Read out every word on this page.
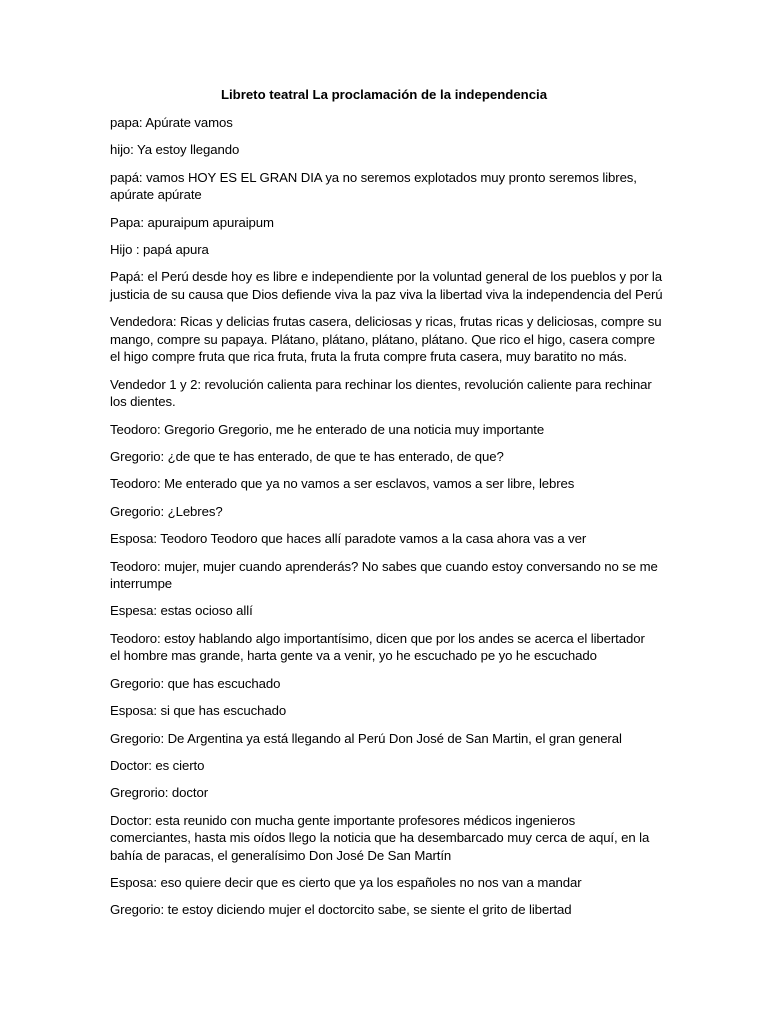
Libreto teatral La proclamación de la independencia
papa: Apúrate vamos
hijo: Ya estoy llegando
papá: vamos HOY ES EL GRAN DIA ya no seremos explotados muy pronto seremos libres,
apúrate apúrate
Papa: apuraipum apuraipum
Hijo : papá apura
Papá: el Perú desde hoy es libre e independiente por la voluntad general de los pueblos y por la
justicia de su causa que Dios defiende viva la paz viva la libertad viva la independencia del Perú
Vendedora: Ricas y delicias frutas casera, deliciosas y ricas, frutas ricas y deliciosas, compre su
mango, compre su papaya. Plátano, plátano, plátano, plátano. Que rico el higo, casera compre
el higo compre fruta que rica fruta, fruta la fruta compre fruta casera, muy baratito no más.
Vendedor 1 y 2: revolución calienta para rechinar los dientes, revolución caliente para rechinar
los dientes.
Teodoro: Gregorio Gregorio, me he enterado de una noticia muy importante
Gregorio: ¿de que te has enterado, de que te has enterado, de que?
Teodoro: Me enterado que ya no vamos a ser esclavos, vamos a ser libre, lebres
Gregorio: ¿Lebres?
Esposa: Teodoro Teodoro que haces allí paradote vamos a la casa ahora vas a ver
Teodoro: mujer, mujer cuando aprenderás? No sabes que cuando estoy conversando no se me
interrumpe
Espesa: estas ocioso allí
Teodoro: estoy hablando algo importantísimo, dicen que por los andes se acerca el libertador
el hombre mas grande, harta gente va a venir, yo he escuchado pe yo he escuchado
Gregorio: que has escuchado
Esposa: si que has escuchado
Gregorio: De Argentina ya está llegando al Perú Don José de San Martin, el gran general
Doctor: es cierto
Gregrorio: doctor
Doctor: esta reunido con mucha gente importante profesores médicos ingenieros
comerciantes, hasta mis oídos llego la noticia que ha desembarcado muy cerca de aquí, en la
bahía de paracas, el generalísimo Don José De San Martín
Esposa: eso quiere decir que es cierto que ya los españoles no nos van a mandar
Gregorio: te estoy diciendo mujer el doctorcito sabe, se siente el grito de libertad
